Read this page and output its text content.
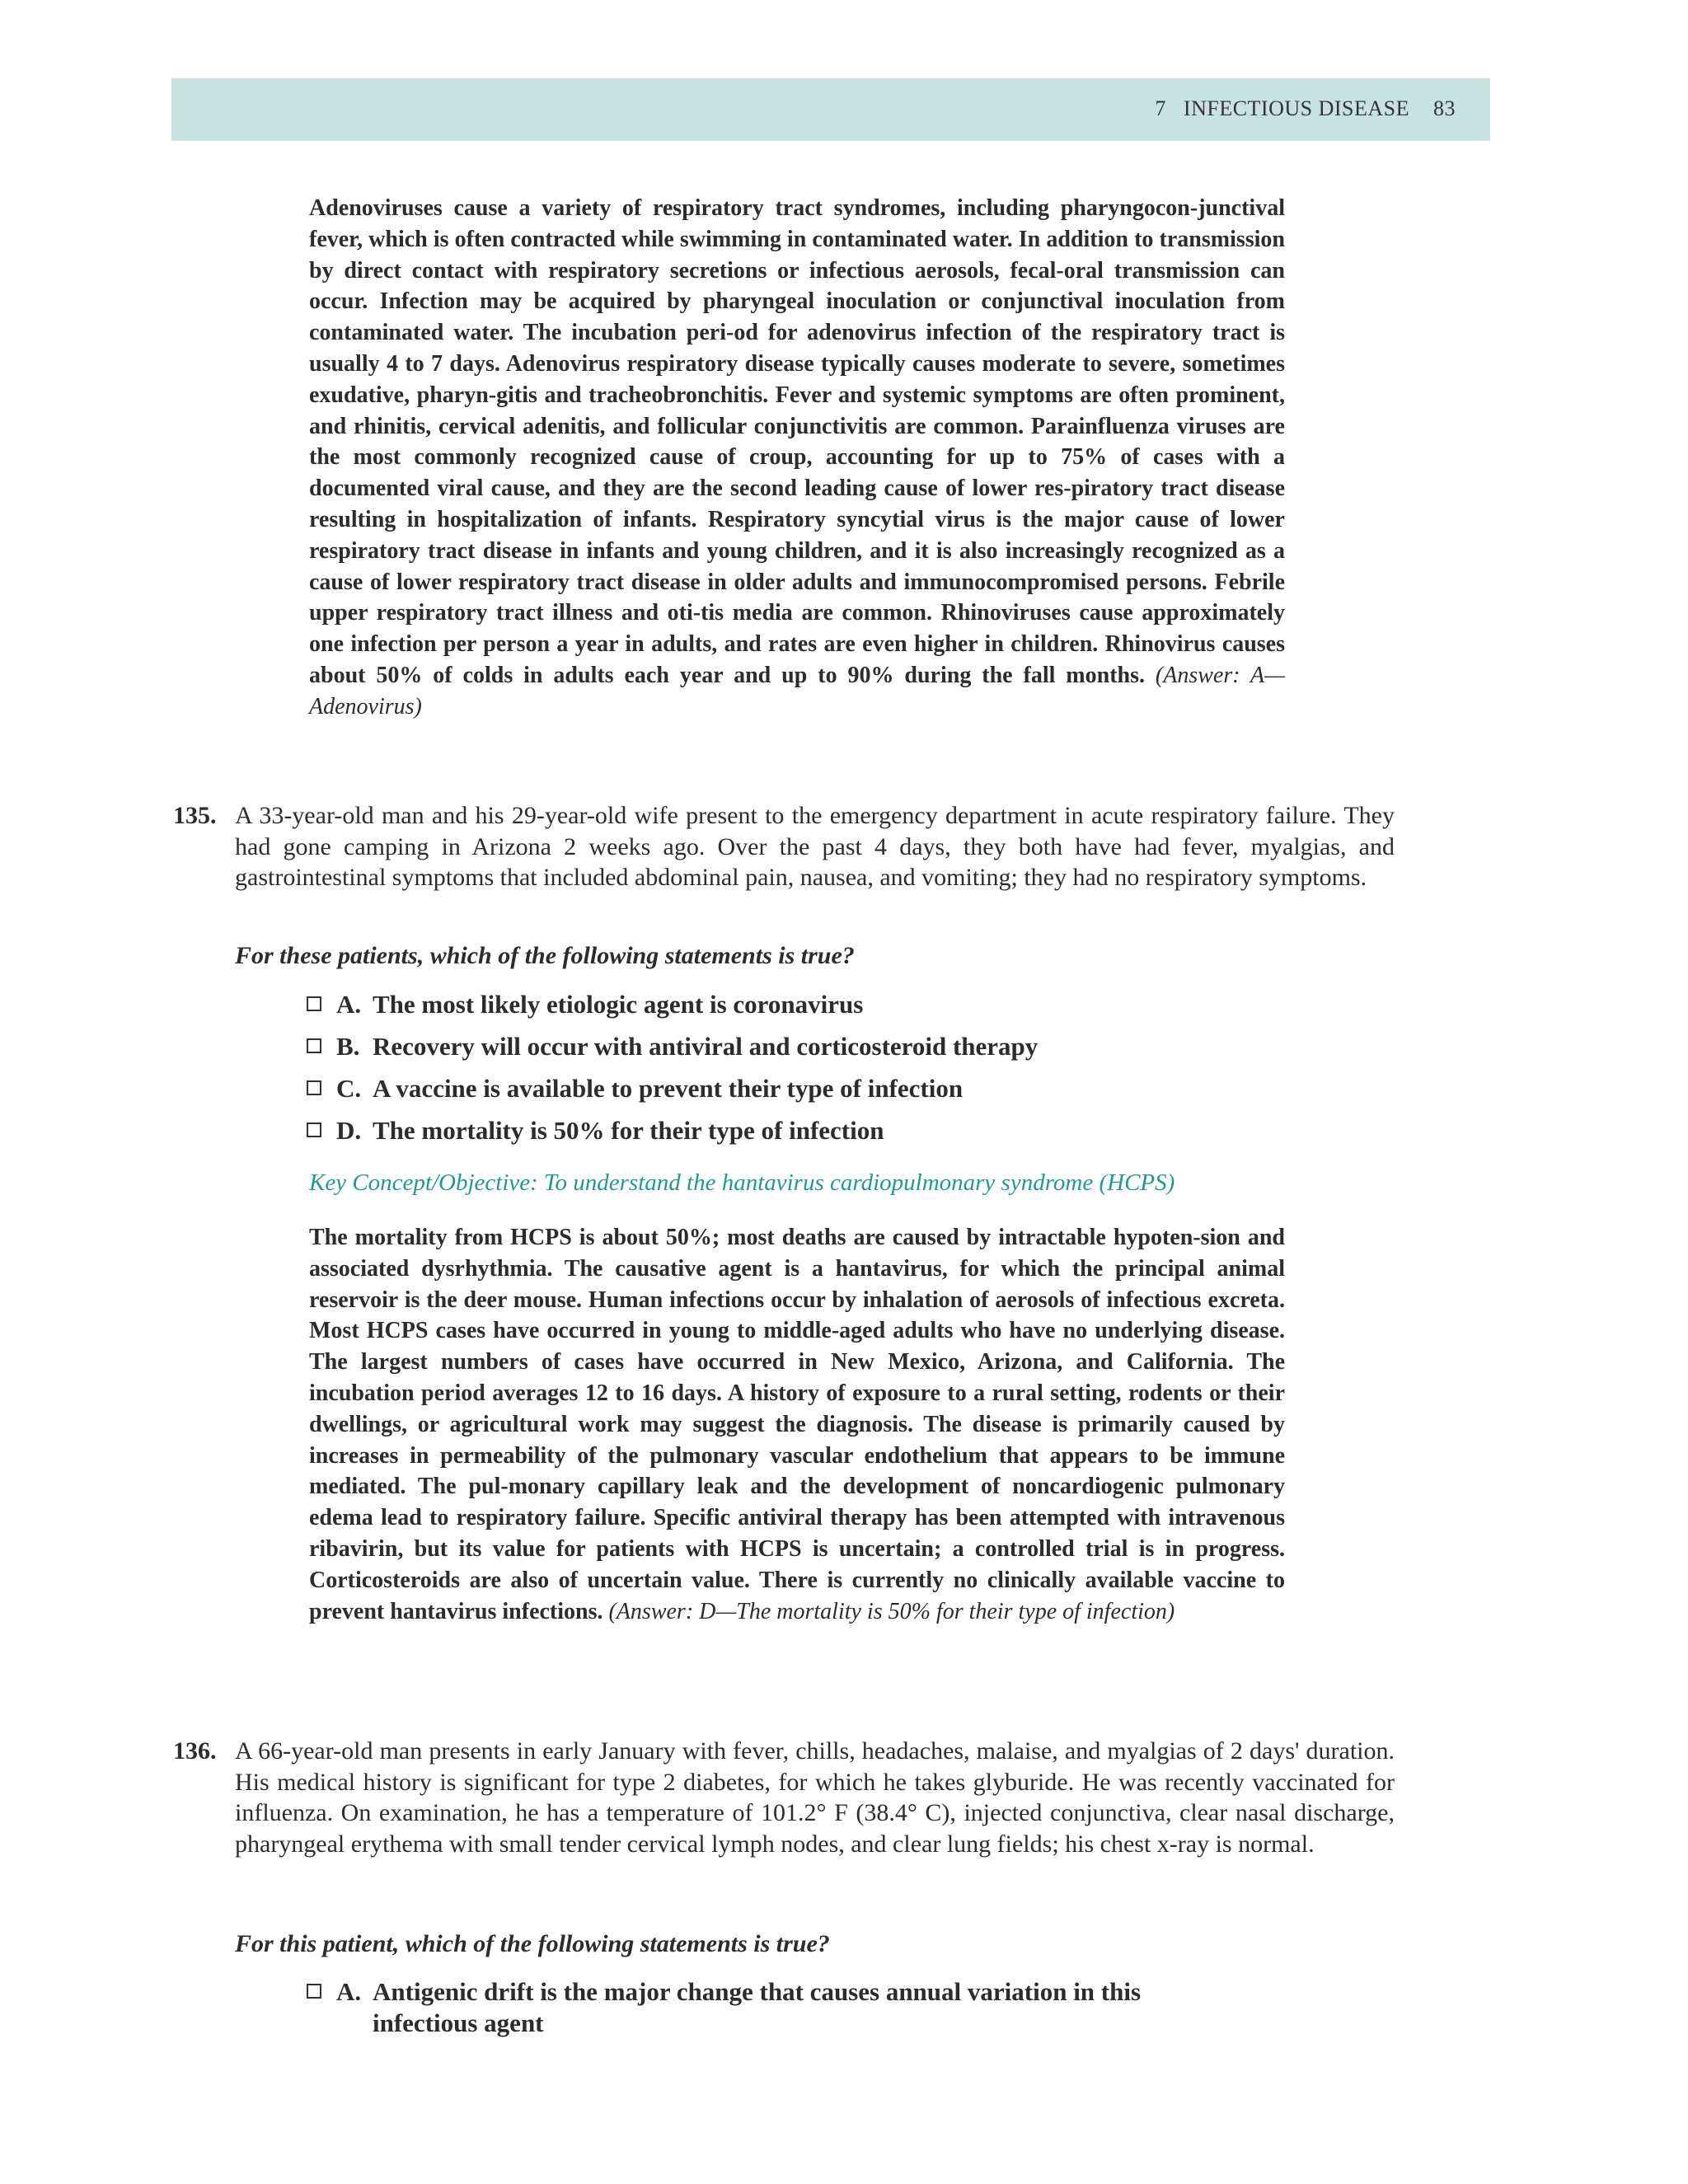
7 INFECTIOUS DISEASE 83
Adenoviruses cause a variety of respiratory tract syndromes, including pharyngocon-junctival fever, which is often contracted while swimming in contaminated water. In addition to transmission by direct contact with respiratory secretions or infectious aerosols, fecal-oral transmission can occur. Infection may be acquired by pharyngeal inoculation or conjunctival inoculation from contaminated water. The incubation peri-od for adenovirus infection of the respiratory tract is usually 4 to 7 days. Adenovirus respiratory disease typically causes moderate to severe, sometimes exudative, pharyn-gitis and tracheobronchitis. Fever and systemic symptoms are often prominent, and rhinitis, cervical adenitis, and follicular conjunctivitis are common. Parainfluenza viruses are the most commonly recognized cause of croup, accounting for up to 75% of cases with a documented viral cause, and they are the second leading cause of lower res-piratory tract disease resulting in hospitalization of infants. Respiratory syncytial virus is the major cause of lower respiratory tract disease in infants and young children, and it is also increasingly recognized as a cause of lower respiratory tract disease in older adults and immunocompromised persons. Febrile upper respiratory tract illness and oti-tis media are common. Rhinoviruses cause approximately one infection per person a year in adults, and rates are even higher in children. Rhinovirus causes about 50% of colds in adults each year and up to 90% during the fall months. (Answer: A—Adenovirus)
135. A 33-year-old man and his 29-year-old wife present to the emergency department in acute respiratory failure. They had gone camping in Arizona 2 weeks ago. Over the past 4 days, they both have had fever, myalgias, and gastrointestinal symptoms that included abdominal pain, nausea, and vomiting; they had no respiratory symptoms.
For these patients, which of the following statements is true?
A. The most likely etiologic agent is coronavirus
B. Recovery will occur with antiviral and corticosteroid therapy
C. A vaccine is available to prevent their type of infection
D. The mortality is 50% for their type of infection
Key Concept/Objective: To understand the hantavirus cardiopulmonary syndrome (HCPS)
The mortality from HCPS is about 50%; most deaths are caused by intractable hypoten-sion and associated dysrhythmia. The causative agent is a hantavirus, for which the principal animal reservoir is the deer mouse. Human infections occur by inhalation of aerosols of infectious excreta. Most HCPS cases have occurred in young to middle-aged adults who have no underlying disease. The largest numbers of cases have occurred in New Mexico, Arizona, and California. The incubation period averages 12 to 16 days. A history of exposure to a rural setting, rodents or their dwellings, or agricultural work may suggest the diagnosis. The disease is primarily caused by increases in permeability of the pulmonary vascular endothelium that appears to be immune mediated. The pul-monary capillary leak and the development of noncardiogenic pulmonary edema lead to respiratory failure. Specific antiviral therapy has been attempted with intravenous ribavirin, but its value for patients with HCPS is uncertain; a controlled trial is in progress. Corticosteroids are also of uncertain value. There is currently no clinically available vaccine to prevent hantavirus infections. (Answer: D—The mortality is 50% for their type of infection)
136. A 66-year-old man presents in early January with fever, chills, headaches, malaise, and myalgias of 2 days' duration. His medical history is significant for type 2 diabetes, for which he takes glyburide. He was recently vaccinated for influenza. On examination, he has a temperature of 101.2° F (38.4° C), injected conjunctiva, clear nasal discharge, pharyngeal erythema with small tender cervical lymph nodes, and clear lung fields; his chest x-ray is normal.
For this patient, which of the following statements is true?
A. Antigenic drift is the major change that causes annual variation in this infectious agent
